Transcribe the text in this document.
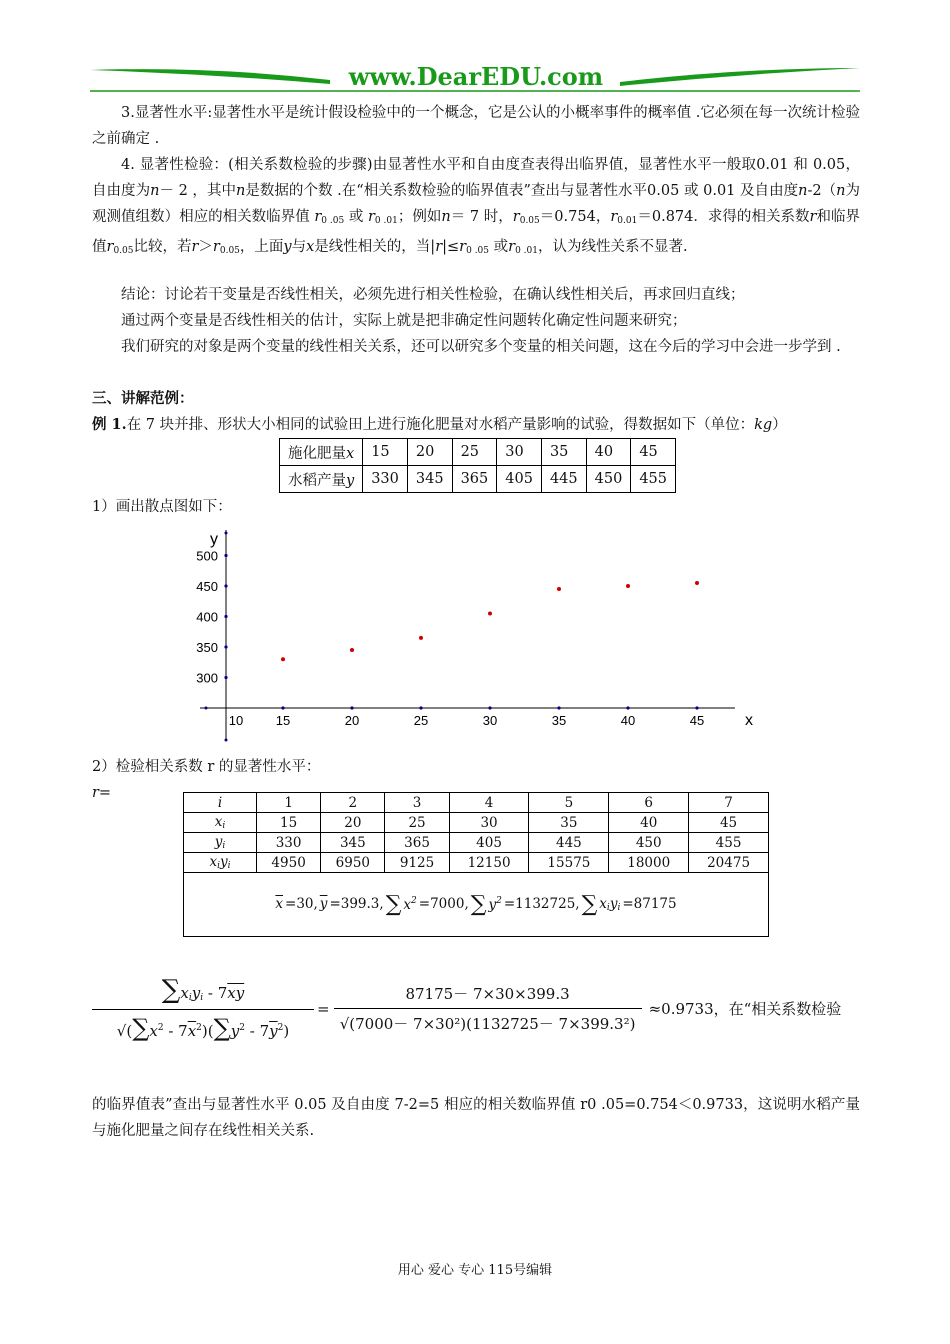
www.DearEDU.com
3.显著性水平:显著性水平是统计假设检验中的一个概念，它是公认的小概率事件的概率值 .它必须在每一次统计检验之前确定 .
4. 显著性检验：(相关系数检验的步骤)由显著性水平和自由度查表得出临界值，显著性水平一般取0.01 和 0.05，自由度为n－ 2 ，其中n是数据的个数 .在“相关系数检验的临界值表”查出与显著性水平0.05 或 0.01 及自由度n-2（n为观测值组数）相应的相关数临界值 $r_{0 .05}$ 或 $r_{0 .01}$；例如n＝ 7 时，$r_{0.05}=0.754$，$r_{0.01}=0.874$．求得的相关系数r和临界值$r_{0.05}$比较，若$r>r_{0.05}$，上面y与x是线性相关的，当$|r|\le r_{0 .05}$ 或$r_{0 .01}$，认为线性关系不显著.
结论：讨论若干变量是否线性相关，必须先进行相关性检验，在确认线性相关后，再求回归直线；
通过两个变量是否线性相关的估计，实际上就是把非确定性问题转化确定性问题来研究；
我们研究的对象是两个变量的线性相关关系，还可以研究多个变量的相关问题，这在今后的学习中会进一步学到 .
三、讲解范例：
例 1.在 7 块并排、形状大小相同的试验田上进行施化肥量对水稻产量影响的试验，得数据如下（单位：kg）
施化肥量x	15	20	25	30	35	40	45
水稻产量y	330	345	365	405	445	450	455
1）画出散点图如下：
y
x
300
350
400
450
500
10	15	20	25	30	35	40	45
2）检验相关系数 r 的显著性水平：
r=
i	1	2	3	4	5	6	7
$x_i$	15	20	25	30	35	40	45
$y_i$	330	345	365	405	445	450	455
$x_iy_i$	4950	6950	9125	12150	15575	18000	20475
$\overline{x} =30$, $\overline{y} =399.3$, ∑ $x^2 =7000$, ∑ $y^2 =1132725$, ∑ $x_iy_i =87175$
$\frac{\sum x_iy_i - 7\overline{xy}}{√(\sum x^2 - 7\overline{x}^2)(\sum y^2 - 7\overline{y}^2)} = \frac{87175- 7\times 30\times 399.3}{\text{√(7000－ 7×30²)(1132725－ 7×399.3²)}} \approx 0.9733$，在“相关系数检验
的临界值表”查出与显著性水平 0.05 及自由度 7-2=5 相应的相关数临界值 r0 .05=0.754＜0.9733，这说明水稻产量与施化肥量之间存在线性相关关系.
用心 爱心 专心 115号编辑
